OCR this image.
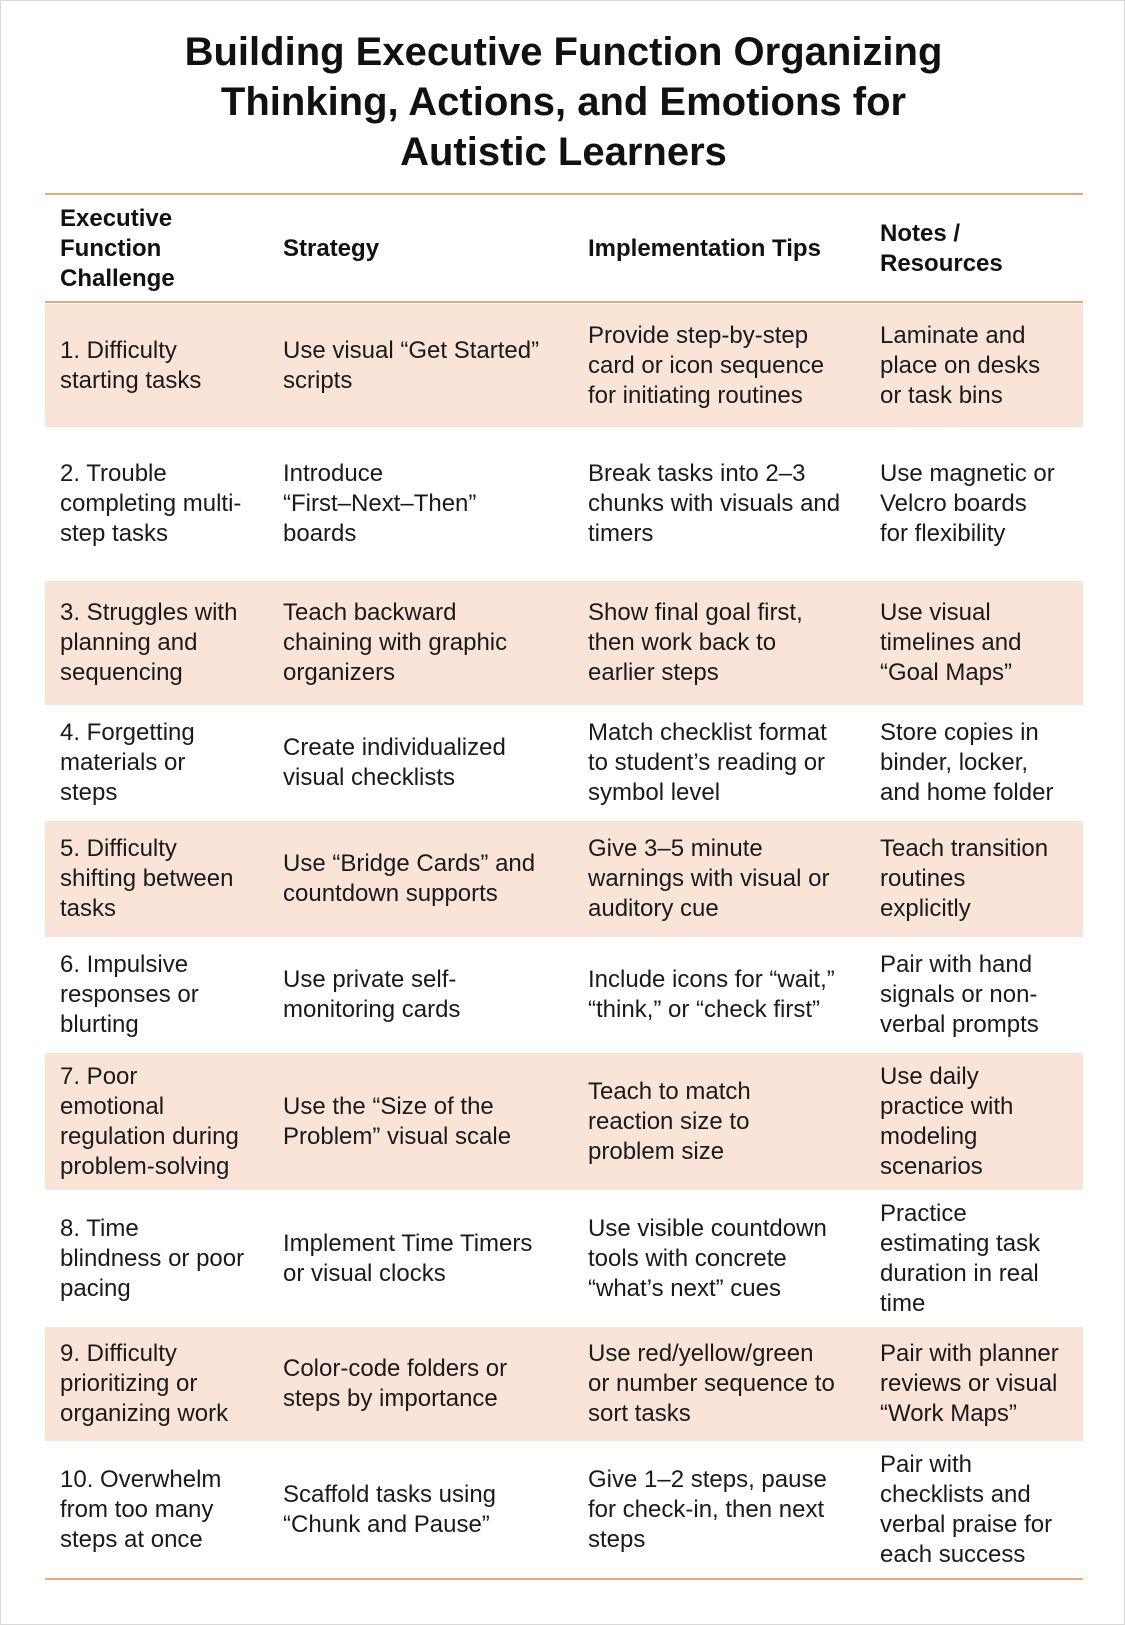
Building Executive Function Organizing
Thinking, Actions, and Emotions for
Autistic Learners
Executive
Function
Challenge
Strategy	Implementation Tips
Notes /
Resources
1. Difficulty
starting tasks
Use visual “Get Started”
scripts
Provide step-by-step
card or icon sequence
for initiating routines
Laminate and
place on desks
or task bins
2. Trouble
completing multi-
step tasks
Introduce
“First–Next–Then”
boards
Break tasks into 2–3
chunks with visuals and
timers
Use magnetic or
Velcro boards
for flexibility
3. Struggles with
planning and
sequencing
Teach backward
chaining with graphic
organizers
Show final goal first,
then work back to
earlier steps
Use visual
timelines and
“Goal Maps”
4. Forgetting
materials or
steps
Create individualized
visual checklists
Match checklist format
to student’s reading or
symbol level
Store copies in
binder, locker,
and home folder
5. Difficulty
shifting between
tasks
Use “Bridge Cards” and
countdown supports
Give 3–5 minute
warnings with visual or
auditory cue
Teach transition
routines
explicitly
6. Impulsive
responses or
blurting
Use private self-
monitoring cards
Include icons for “wait,”
“think,” or “check first”
Pair with hand
signals or non-
verbal prompts
7. Poor
emotional
regulation during
problem-solving
Use the “Size of the
Problem” visual scale
Teach to match
reaction size to
problem size
Use daily
practice with
modeling
scenarios
8. Time
blindness or poor
pacing
Implement Time Timers
or visual clocks
Use visible countdown
tools with concrete
“what’s next” cues
Practice
estimating task
duration in real
time
9. Difficulty
prioritizing or
organizing work
Color-code folders or
steps by importance
Use red/yellow/green
or number sequence to
sort tasks
Pair with planner
reviews or visual
“Work Maps”
10. Overwhelm
from too many
steps at once
Scaffold tasks using
“Chunk and Pause”
Give 1–2 steps, pause
for check-in, then next
steps
Pair with
checklists and
verbal praise for
each success
